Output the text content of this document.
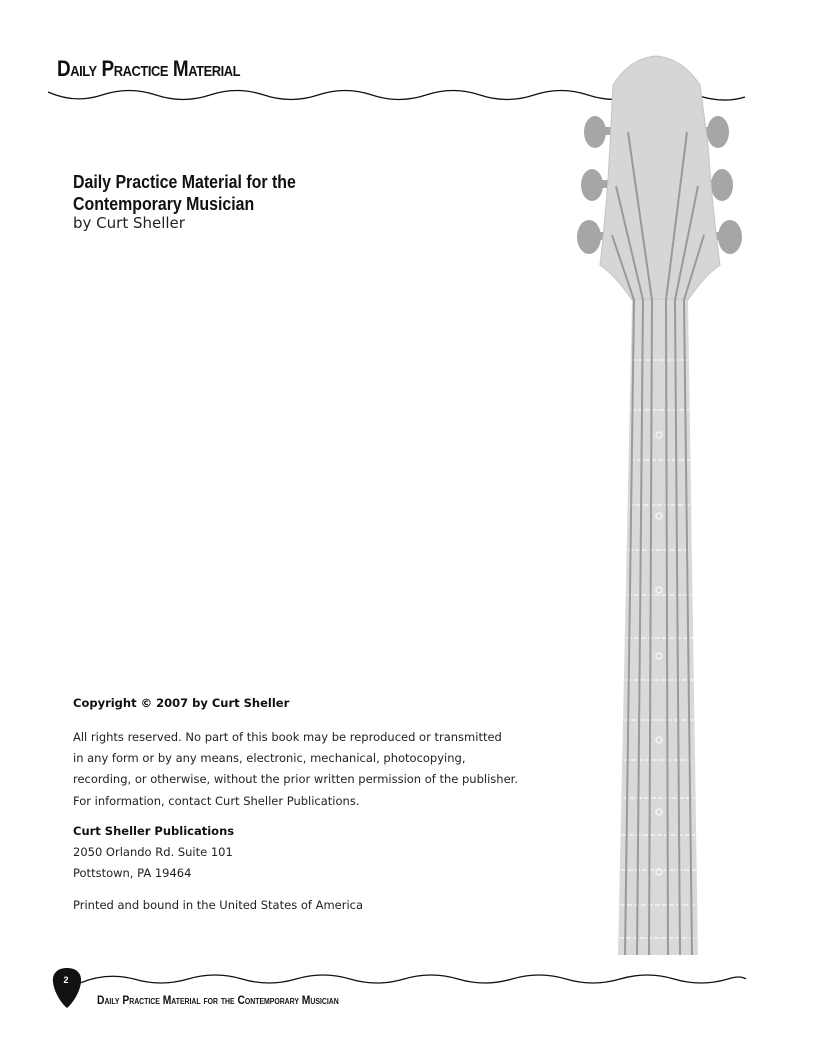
Daily Practice Material
Daily Practice Material for the
Contemporary Musician
by Curt Sheller
Copyright © 2007 by Curt Sheller
All rights reserved. No part of this book may be reproduced or transmitted
in any form or by any means, electronic, mechanical, photocopying,
recording, or otherwise, without the prior written permission of the publisher.
For information, contact Curt Sheller Publications.
Curt Sheller Publications
2050 Orlando Rd. Suite 101
Pottstown, PA 19464
Printed and bound in the United States of America
2
Daily Practice Material for the Contemporary Musician
